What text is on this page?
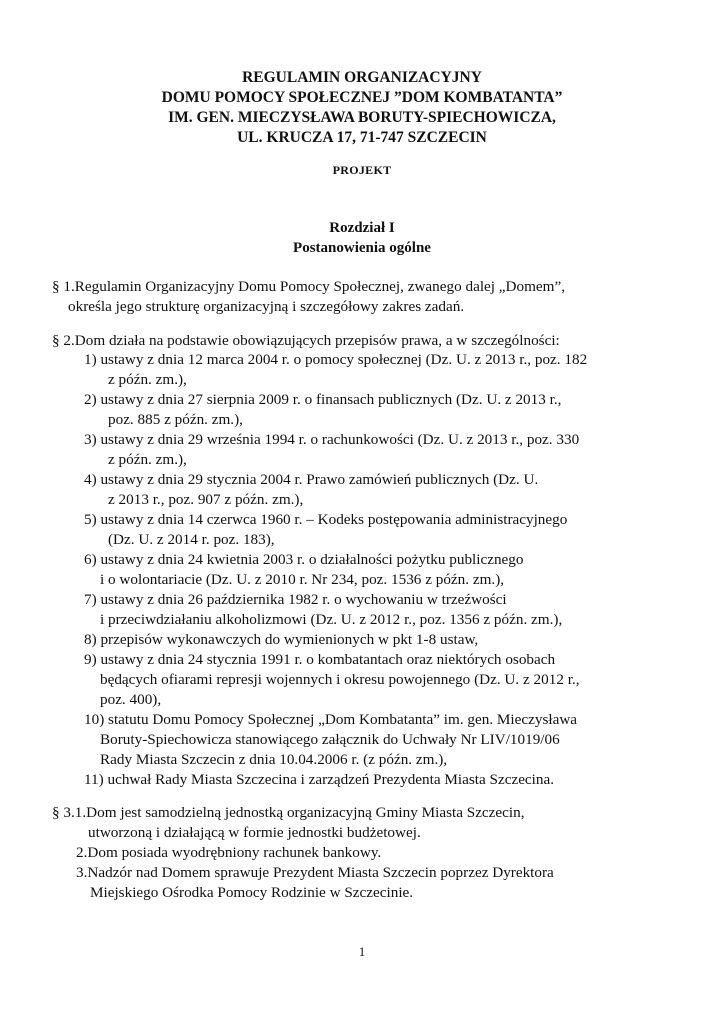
REGULAMIN ORGANIZACYJNY
DOMU POMOCY SPOŁECZNEJ ”DOM KOMBATANTA”
IM. GEN. MIECZYSŁAWA BORUTY-SPIECHOWICZA,
UL. KRUCZA 17, 71-747 SZCZECIN
PROJEKT
Rozdział I
Postanowienia ogólne
§ 1.Regulamin Organizacyjny Domu Pomocy Społecznej, zwanego dalej „Domem”,
określa jego strukturę organizacyjną i szczegółowy zakres zadań.
§ 2.Dom działa na podstawie obowiązujących przepisów prawa, a w szczególności:
1) ustawy z dnia 12 marca 2004 r. o pomocy społecznej (Dz. U. z 2013 r., poz. 182
z późn. zm.),
2) ustawy z dnia 27 sierpnia 2009 r. o finansach publicznych (Dz. U. z 2013 r.,
poz. 885 z późn. zm.),
3) ustawy z dnia 29 września 1994 r. o rachunkowości (Dz. U. z 2013 r., poz. 330
z późn. zm.),
4) ustawy z dnia 29 stycznia 2004 r. Prawo zamówień publicznych (Dz. U.
z 2013 r., poz. 907 z późn. zm.),
5) ustawy z dnia 14 czerwca 1960 r. – Kodeks postępowania administracyjnego
(Dz. U. z 2014 r. poz. 183),
6) ustawy z dnia 24 kwietnia 2003 r. o działalności pożytku publicznego
i o wolontariacie (Dz. U. z 2010 r. Nr 234, poz. 1536 z późn. zm.),
7) ustawy z dnia 26 października 1982 r. o wychowaniu w trzeźwości
i przeciwdziałaniu alkoholizmowi (Dz. U. z 2012 r., poz. 1356 z późn. zm.),
8) przepisów wykonawczych do wymienionych w pkt 1-8 ustaw,
9) ustawy z dnia 24 stycznia 1991 r. o kombatantach oraz niektórych osobach
będących ofiarami represji wojennych i okresu powojennego (Dz. U. z 2012 r.,
poz. 400),
10) statutu Domu Pomocy Społecznej „Dom Kombatanta” im. gen. Mieczysława
Boruty-Spiechowicza stanowiącego załącznik do Uchwały Nr LIV/1019/06
Rady Miasta Szczecin z dnia 10.04.2006 r. (z późn. zm.),
11) uchwał Rady Miasta Szczecina i zarządzeń Prezydenta Miasta Szczecina.
§ 3.1.Dom jest samodzielną jednostką organizacyjną Gminy Miasta Szczecin,
utworzoną i działającą w formie jednostki budżetowej.
2.Dom posiada wyodrębniony rachunek bankowy.
3.Nadzór nad Domem sprawuje Prezydent Miasta Szczecin poprzez Dyrektora
Miejskiego Ośrodka Pomocy Rodzinie w Szczecinie.
1
